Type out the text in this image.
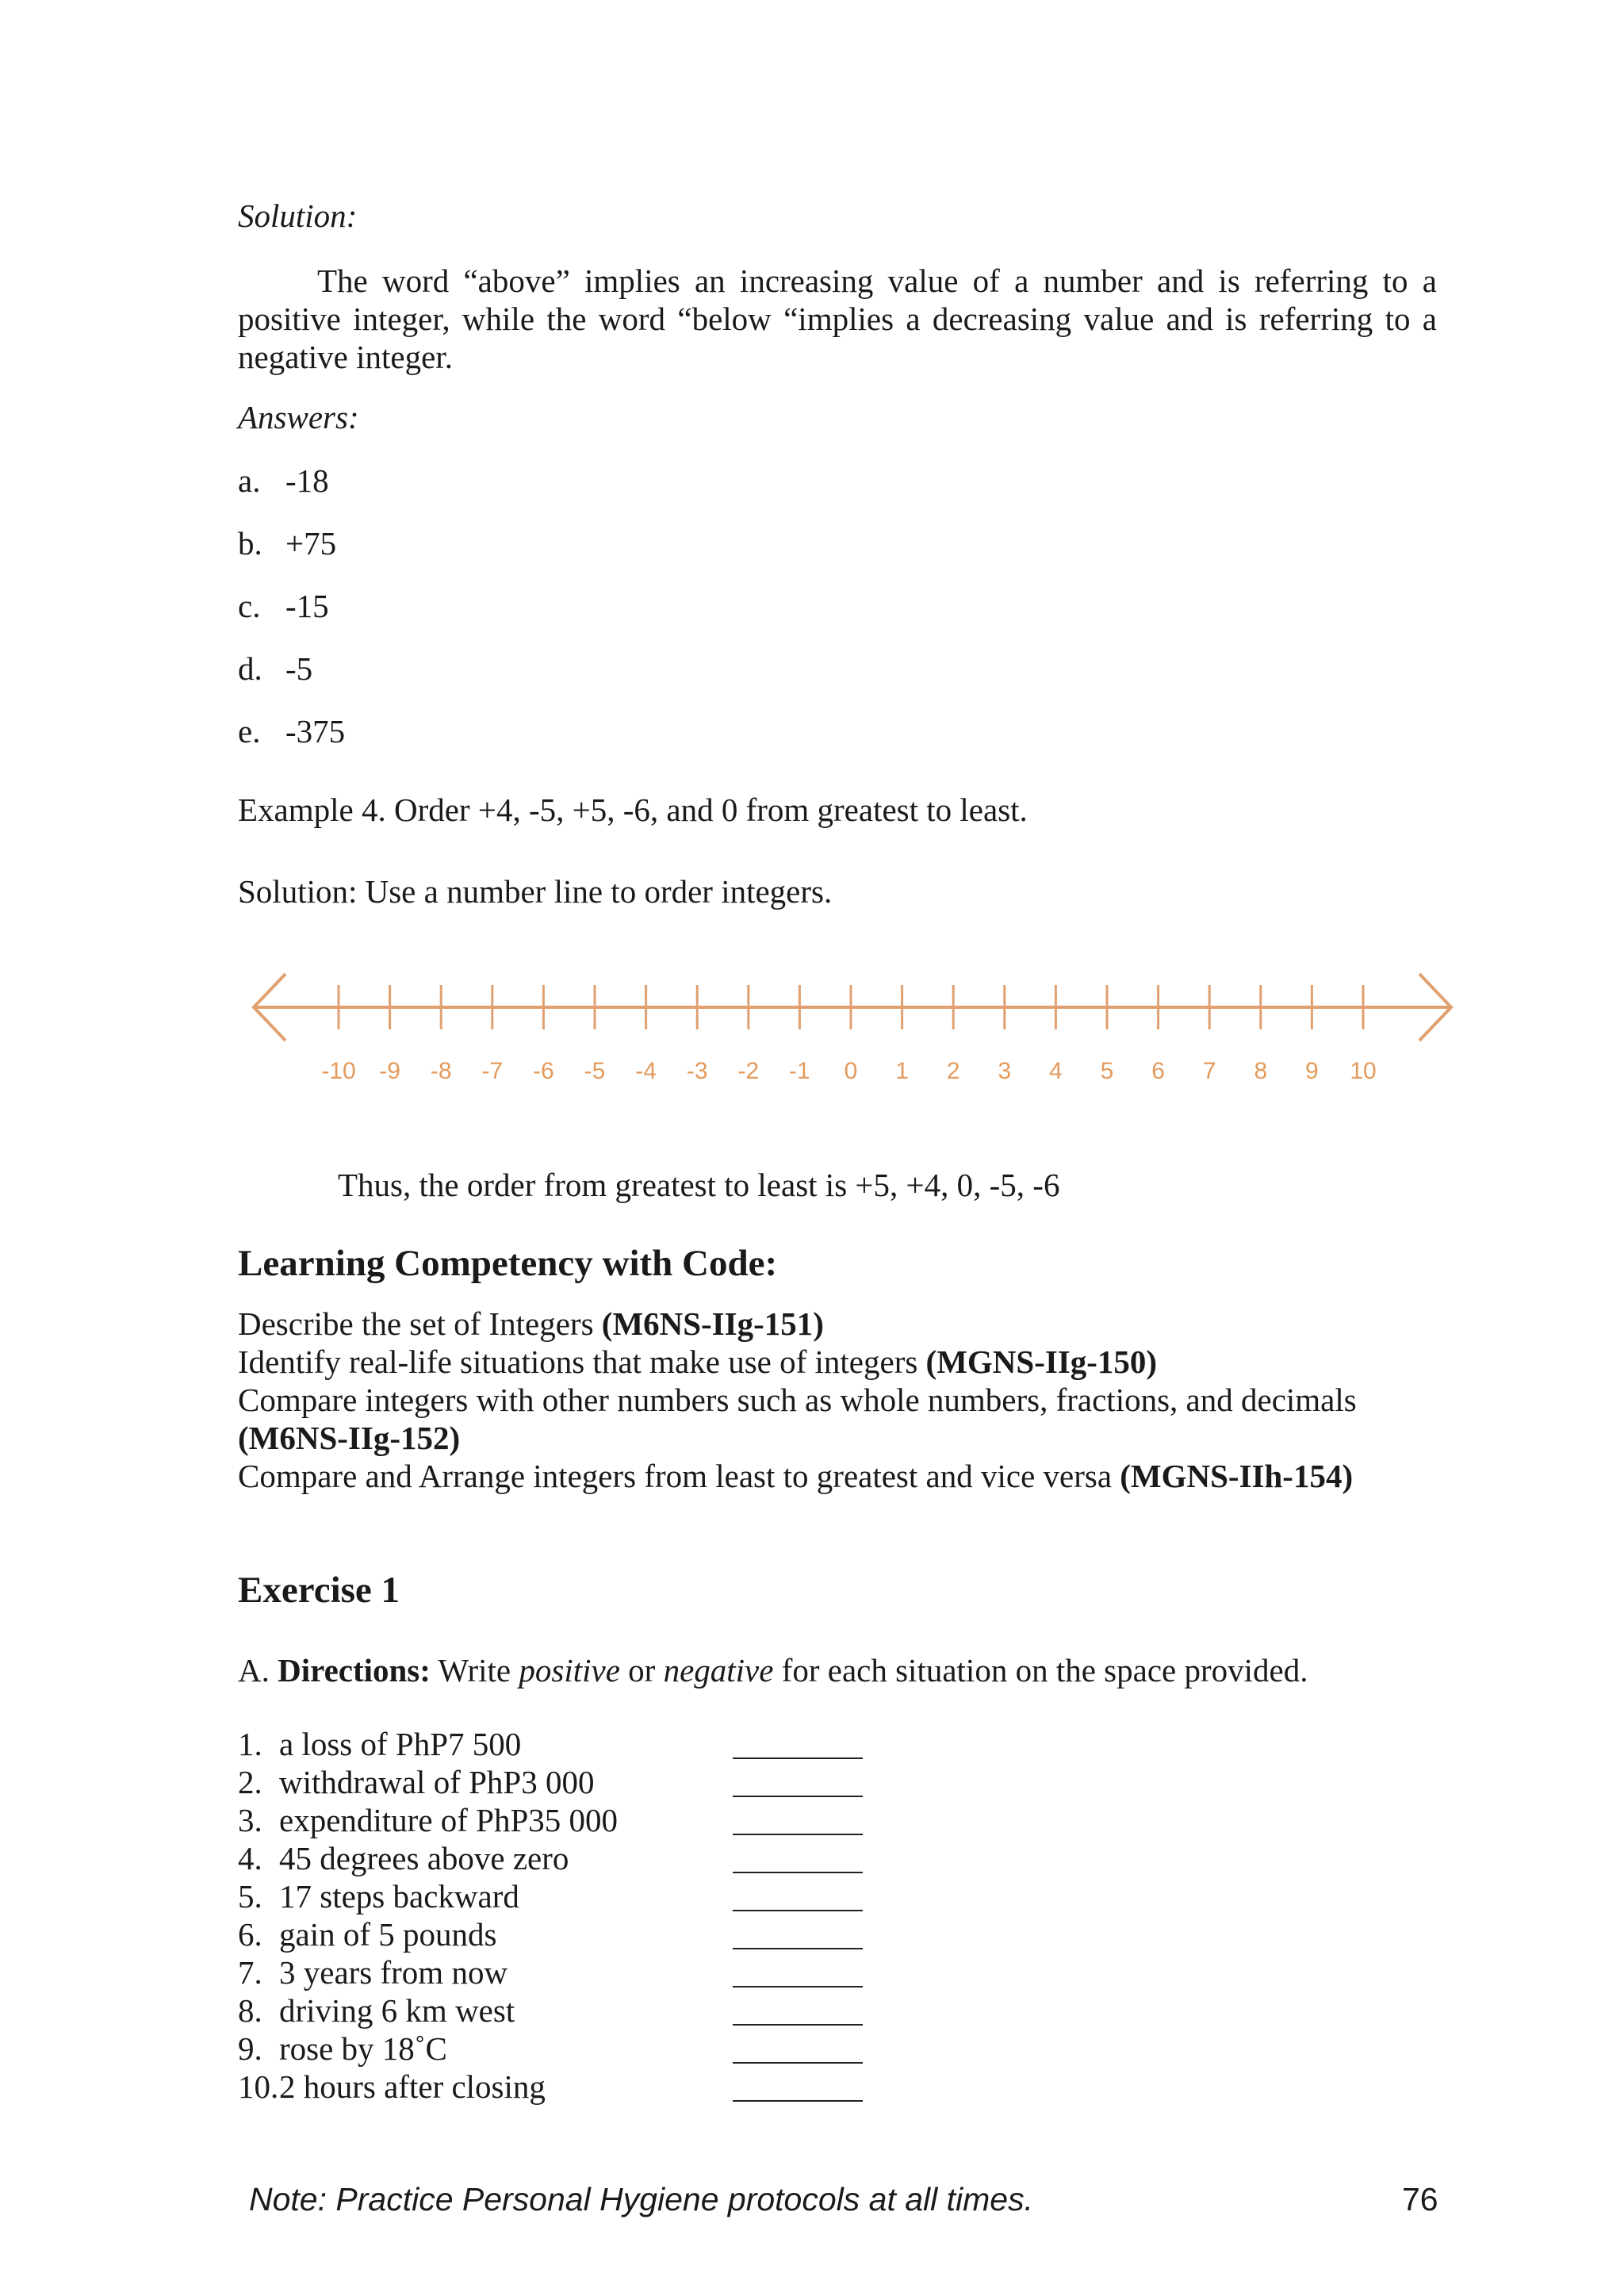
Solution:
The word “above” implies an increasing value of a number and is referring to a positive integer, while the word “below “implies a decreasing value and is referring to a negative integer.
Answers:
a. -18
b. +75
c. -15
d. -5
e. -375
Example 4. Order +4, -5, +5, -6, and 0 from greatest to least.
Solution: Use a number line to order integers.
-10 -9 -8 -7 -6 -5 -4 -3 -2 -1 0 1 2 3 4 5 6 7 8 9 10
Thus, the order from greatest to least is +5, +4, 0, -5, -6
Learning Competency with Code:
Describe the set of Integers (M6NS-IIg-151)
Identify real-life situations that make use of integers (MGNS-IIg-150)
Compare integers with other numbers such as whole numbers, fractions, and decimals
(M6NS-IIg-152)
Compare and Arrange integers from least to greatest and vice versa (MGNS-IIh-154)
Exercise 1
A. Directions: Write positive or negative for each situation on the space provided.
1. a loss of PhP7 500
2. withdrawal of PhP3 000
3. expenditure of PhP35 000
4. 45 degrees above zero
5. 17 steps backward
6. gain of 5 pounds
7. 3 years from now
8. driving 6 km west
9. rose by 18˚C
10.2 hours after closing
Note: Practice Personal Hygiene protocols at all times.	76
